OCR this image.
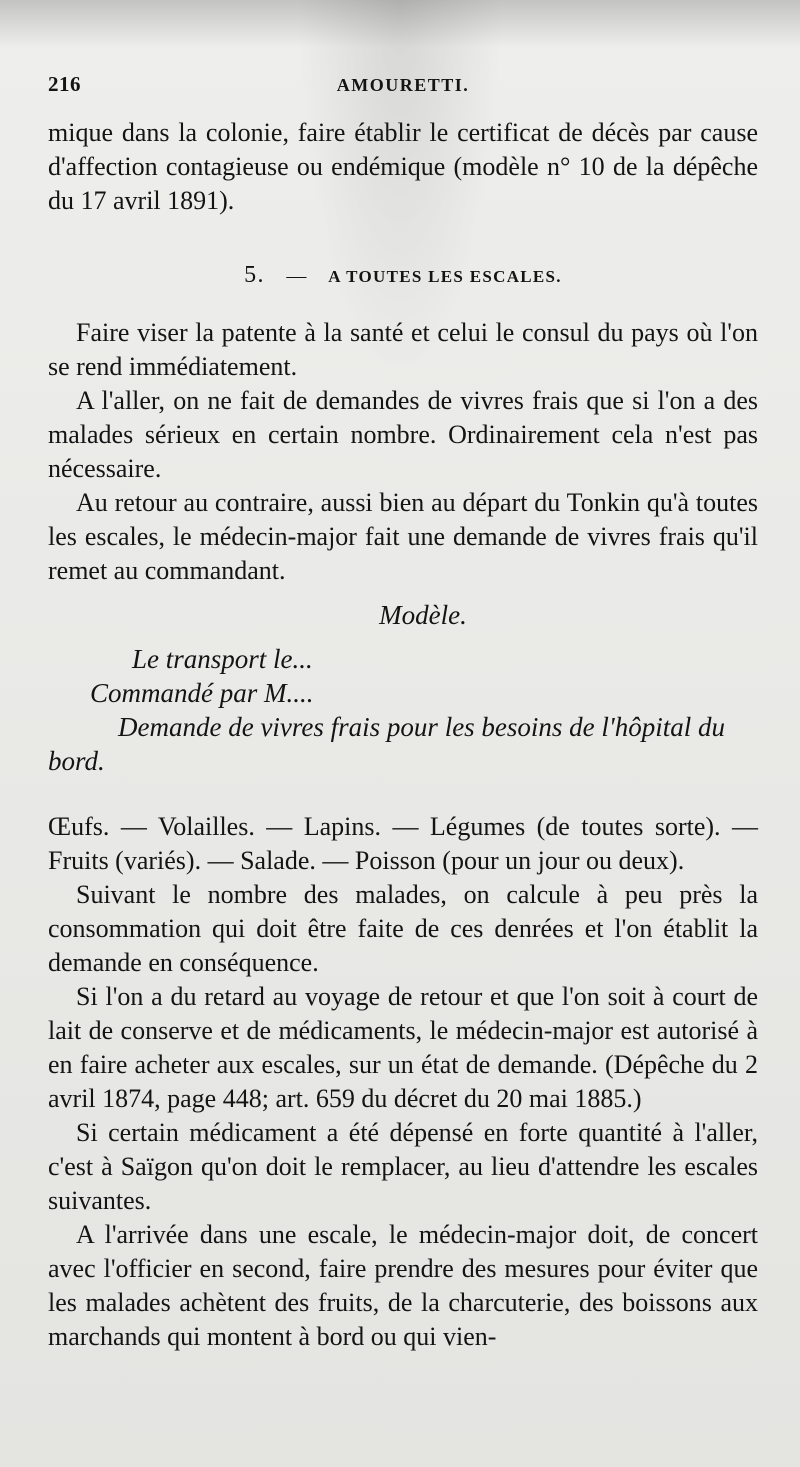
216	AMOURETTI.

mique dans la colonie, faire établir le certificat de décès par cause d'affection contagieuse ou endémique (modèle n° 10 de la dépêche du 17 avril 1891).

5. — A TOUTES LES ESCALES.

Faire viser la patente à la santé et celui le consul du pays où l'on se rend immédiatement.

A l'aller, on ne fait de demandes de vivres frais que si l'on a des malades sérieux en certain nombre. Ordinairement cela n'est pas nécessaire.

Au retour au contraire, aussi bien au départ du Tonkin qu'à toutes les escales, le médecin-major fait une demande de vivres frais qu'il remet au commandant.

Modèle.

Le transport le...

Commandé par M....

Demande de vivres frais pour les besoins de l'hôpital du bord.

Œufs. — Volailles. — Lapins. — Légumes (de toutes sorte). — Fruits (variés). — Salade. — Poisson (pour un jour ou deux).

Suivant le nombre des malades, on calcule à peu près la consommation qui doit être faite de ces denrées et l'on établit la demande en conséquence.

Si l'on a du retard au voyage de retour et que l'on soit à court de lait de conserve et de médicaments, le médecin-major est autorisé à en faire acheter aux escales, sur un état de demande. (Dépêche du 2 avril 1874, page 448; art. 659 du décret du 20 mai 1885.)

Si certain médicament a été dépensé en forte quantité à l'aller, c'est à Saïgon qu'on doit le remplacer, au lieu d'attendre les escales suivantes.

A l'arrivée dans une escale, le médecin-major doit, de concert avec l'officier en second, faire prendre des mesures pour éviter que les malades achètent des fruits, de la charcuterie, des boissons aux marchands qui montent à bord ou qui vien-
